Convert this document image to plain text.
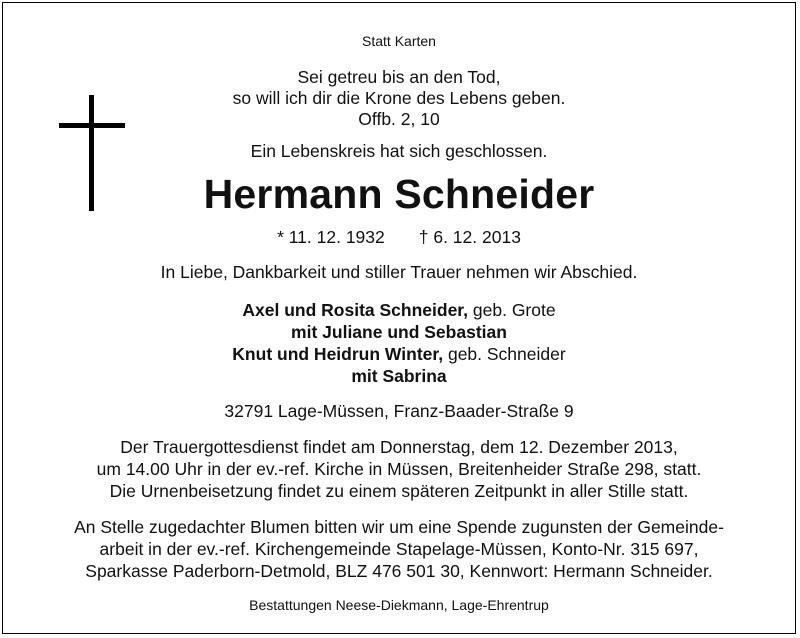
Statt Karten
Sei getreu bis an den Tod,
so will ich dir die Krone des Lebens geben.
Offb. 2, 10
Ein Lebenskreis hat sich geschlossen.
Hermann Schneider
* 11. 12. 1932 † 6. 12. 2013
In Liebe, Dankbarkeit und stiller Trauer nehmen wir Abschied.
Axel und Rosita Schneider, geb. Grote
mit Juliane und Sebastian
Knut und Heidrun Winter, geb. Schneider
mit Sabrina
32791 Lage-Müssen, Franz-Baader-Straße 9
Der Trauergottesdienst findet am Donnerstag, dem 12. Dezember 2013,
um 14.00 Uhr in der ev.-ref. Kirche in Müssen, Breitenheider Straße 298, statt.
Die Urnenbeisetzung findet zu einem späteren Zeitpunkt in aller Stille statt.
An Stelle zugedachter Blumen bitten wir um eine Spende zugunsten der Gemeinde-
arbeit in der ev.-ref. Kirchengemeinde Stapelage-Müssen, Konto-Nr. 315 697,
Sparkasse Paderborn-Detmold, BLZ 476 501 30, Kennwort: Hermann Schneider.
Bestattungen Neese-Diekmann, Lage-Ehrentrup
